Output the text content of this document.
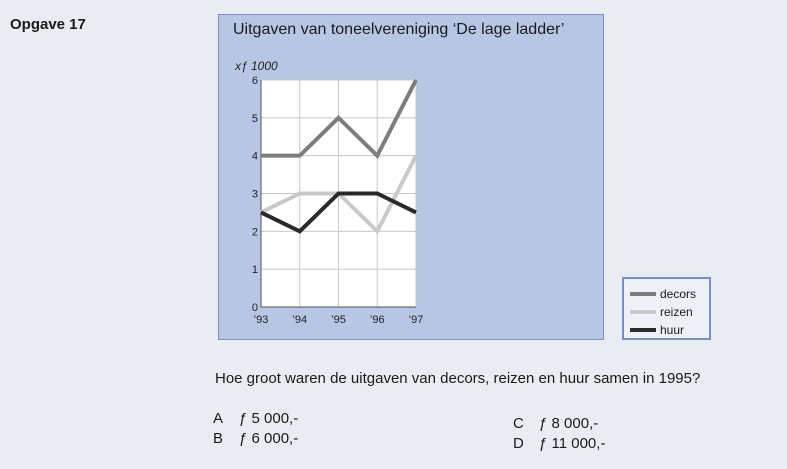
Opgave 17	Uitgaven van toneelvereniging ‘De lage ladder’
0
1
2
3
4
5
6
’93 ’94 ’95 ’96 ’97
xƒ 1000
decors
reizen
huur
Hoe groot waren de uitgaven van decors, reizen en huur samen in 1995?
A ƒ 5 000,-
B ƒ 6 000,-
C ƒ 8 000,-
D ƒ 11 000,-
